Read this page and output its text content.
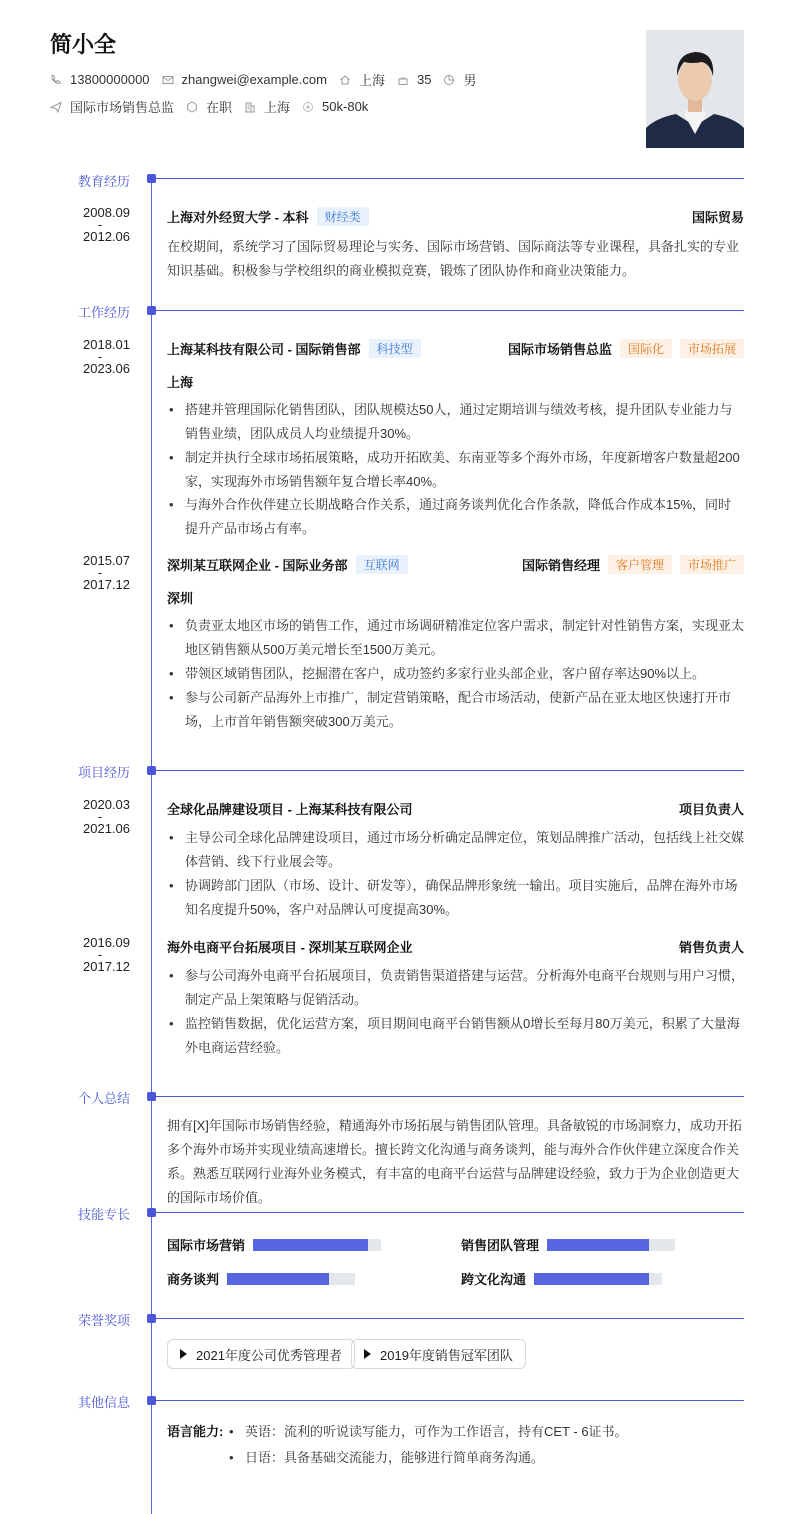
简小全
13800000000 zhangwei@example.com 上海 35 男
国际市场销售总监 在职 上海 50k-80k
教育经历
2008.09
-
2012.06
上海对外经贸大学 - 本科	财经类	国际贸易
在校期间，系统学习了国际贸易理论与实务、国际市场营销、国际商法等专业课程，具备扎实的专业知识基础。积极参与学校组织的商业模拟竞赛，锻炼了团队协作和商业决策能力。
工作经历
2018.01
-
2023.06
上海某科技有限公司 - 国际销售部	科技型	国际市场销售总监	国际化	市场拓展
上海
• 搭建并管理国际化销售团队，团队规模达50人，通过定期培训与绩效考核，提升团队专业能力与销售业绩，团队成员人均业绩提升30%。
• 制定并执行全球市场拓展策略，成功开拓欧美、东南亚等多个海外市场，年度新增客户数量超200家，实现海外市场销售额年复合增长率40%。
• 与海外合作伙伴建立长期战略合作关系，通过商务谈判优化合作条款，降低合作成本15%，同时提升产品市场占有率。
2015.07
-
2017.12
深圳某互联网企业 - 国际业务部	互联网	国际销售经理	客户管理	市场推广
深圳
• 负责亚太地区市场的销售工作，通过市场调研精准定位客户需求，制定针对性销售方案，实现亚太地区销售额从500万美元增长至1500万美元。
• 带领区域销售团队，挖掘潜在客户，成功签约多家行业头部企业，客户留存率达90%以上。
• 参与公司新产品海外上市推广，制定营销策略，配合市场活动，使新产品在亚太地区快速打开市场，上市首年销售额突破300万美元。
项目经历
2020.03
-
2021.06
全球化品牌建设项目 - 上海某科技有限公司	项目负责人
• 主导公司全球化品牌建设项目，通过市场分析确定品牌定位，策划品牌推广活动，包括线上社交媒体营销、线下行业展会等。
• 协调跨部门团队（市场、设计、研发等），确保品牌形象统一输出。项目实施后，品牌在海外市场知名度提升50%，客户对品牌认可度提高30%。
2016.09
-
2017.12
海外电商平台拓展项目 - 深圳某互联网企业	销售负责人
• 参与公司海外电商平台拓展项目，负责销售渠道搭建与运营。分析海外电商平台规则与用户习惯，制定产品上架策略与促销活动。
• 监控销售数据，优化运营方案，项目期间电商平台销售额从0增长至每月80万美元，积累了大量海外电商运营经验。
个人总结
拥有[X]年国际市场销售经验，精通海外市场拓展与销售团队管理。具备敏锐的市场洞察力，成功开拓多个海外市场并实现业绩高速增长。擅长跨文化沟通与商务谈判，能与海外合作伙伴建立深度合作关系。熟悉互联网行业海外业务模式，有丰富的电商平台运营与品牌建设经验，致力于为企业创造更大的国际市场价值。
技能专长
国际市场营销	销售团队管理
商务谈判	跨文化沟通
荣誉奖项
2021年度公司优秀管理者	2019年度销售冠军团队
其他信息
语言能力:
•	英语：流利的听说读写能力，可作为工作语言，持有CET - 6证书。
• 日语：具备基础交流能力，能够进行简单商务沟通。
